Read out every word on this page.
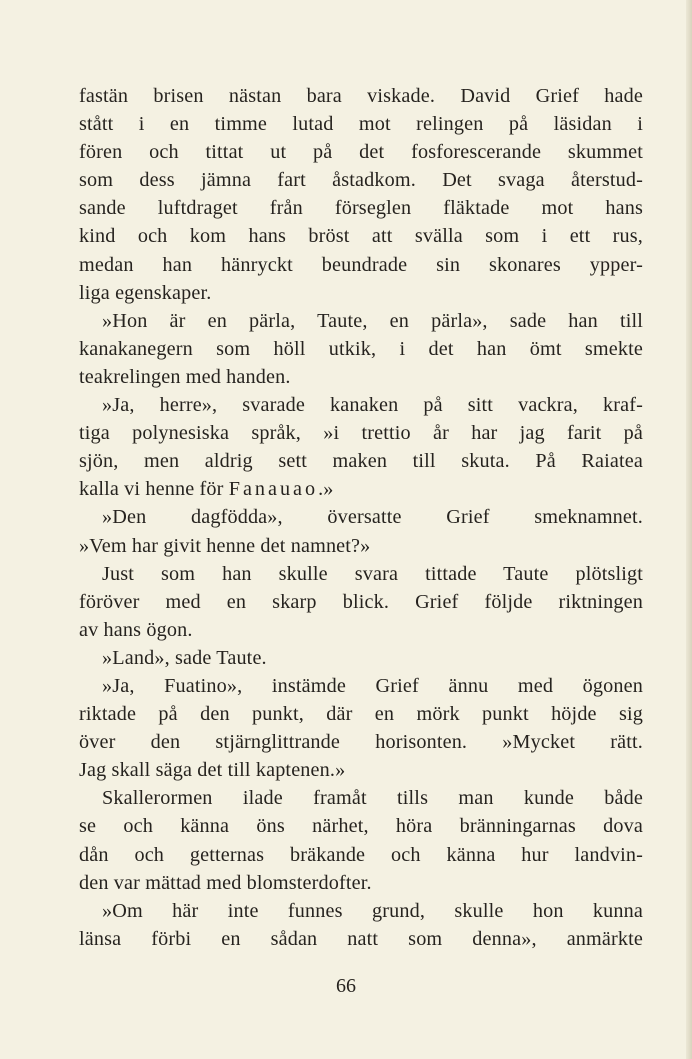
fastän brisen nästan bara viskade. David Grief hade
stått i en timme lutad mot relingen på läsidan i
fören och tittat ut på det fosforescerande skummet
som dess jämna fart åstadkom. Det svaga återstud-
sande luftdraget från förseglen fläktade mot hans
kind och kom hans bröst att svälla som i ett rus,
medan han hänryckt beundrade sin skonares ypper-
liga egenskaper.
»Hon är en pärla, Taute, en pärla», sade han till
kanakanegern som höll utkik, i det han ömt smekte
teakrelingen med handen.
»Ja, herre», svarade kanaken på sitt vackra, kraf-
tiga polynesiska språk, »i trettio år har jag farit på
sjön, men aldrig sett maken till skuta. På Raiatea
kalla vi henne för Fanauao.»
»Den dagfödda», översatte Grief smeknamnet.
»Vem har givit henne det namnet?»
Just som han skulle svara tittade Taute plötsligt
föröver med en skarp blick. Grief följde riktningen
av hans ögon.
»Land», sade Taute.
»Ja, Fuatino», instämde Grief ännu med ögonen
riktade på den punkt, där en mörk punkt höjde sig
över den stjärnglittrande horisonten. »Mycket rätt.
Jag skall säga det till kaptenen.»
Skallerormen ilade framåt tills man kunde både
se och känna öns närhet, höra bränningarnas dova
dån och getternas bräkande och känna hur landvin-
den var mättad med blomsterdofter.
»Om här inte funnes grund, skulle hon kunna
länsa förbi en sådan natt som denna», anmärkte
66
